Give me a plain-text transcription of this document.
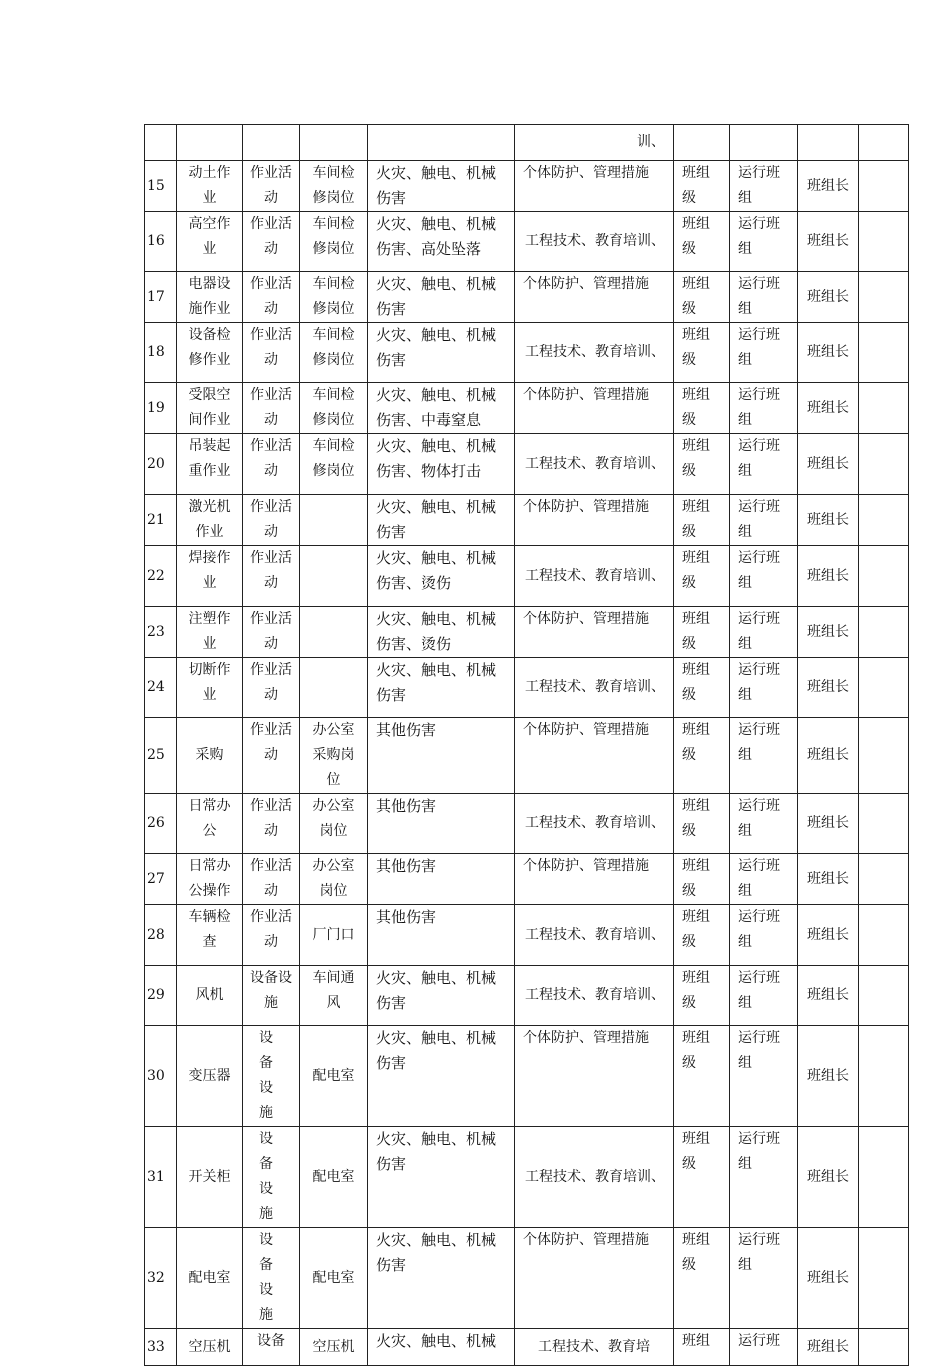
					训、				
15	动土作业	作业活动	车间检修岗位	火灾、触电、机械伤害	个体防护、管理措施	班组级	运行班组	班组长	
16	高空作业	作业活动	车间检修岗位	火灾、触电、机械伤害、高处坠落	工程技术、教育培训、	班组级	运行班组	班组长	
17	电器设施作业	作业活动	车间检修岗位	火灾、触电、机械伤害	个体防护、管理措施	班组级	运行班组	班组长	
18	设备检修作业	作业活动	车间检修岗位	火灾、触电、机械伤害	工程技术、教育培训、	班组级	运行班组	班组长	
19	受限空间作业	作业活动	车间检修岗位	火灾、触电、机械伤害、中毒窒息	个体防护、管理措施	班组级	运行班组	班组长	
20	吊装起重作业	作业活动	车间检修岗位	火灾、触电、机械伤害、物体打击	工程技术、教育培训、	班组级	运行班组	班组长	
21	激光机作业	作业活动		火灾、触电、机械伤害	个体防护、管理措施	班组级	运行班组	班组长	
22	焊接作业	作业活动		火灾、触电、机械伤害、烫伤	工程技术、教育培训、	班组级	运行班组	班组长	
23	注塑作业	作业活动		火灾、触电、机械伤害、烫伤	个体防护、管理措施	班组级	运行班组	班组长	
24	切断作业	作业活动		火灾、触电、机械伤害	工程技术、教育培训、	班组级	运行班组	班组长	
25	采购	作业活动	办公室采购岗位	其他伤害	个体防护、管理措施	班组级	运行班组	班组长	
26	日常办公	作业活动	办公室岗位	其他伤害	工程技术、教育培训、	班组级	运行班组	班组长	
27	日常办公操作	作业活动	办公室岗位	其他伤害	个体防护、管理措施	班组级	运行班组	班组长	
28	车辆检查	作业活动	厂门口	其他伤害	工程技术、教育培训、	班组级	运行班组	班组长	
29	风机	设备设施	车间通风	火灾、触电、机械伤害	工程技术、教育培训、	班组级	运行班组	班组长	
30	变压器	设备设施	配电室	火灾、触电、机械伤害	个体防护、管理措施	班组级	运行班组	班组长	
31	开关柜	设备设施	配电室	火灾、触电、机械伤害	工程技术、教育培训、	班组级	运行班组	班组长	
32	配电室	设备设施	配电室	火灾、触电、机械伤害	个体防护、管理措施	班组级	运行班组	班组长	
33	空压机	设备	空压机	火灾、触电、机械	工程技术、教育培	班组	运行班	班组长	
